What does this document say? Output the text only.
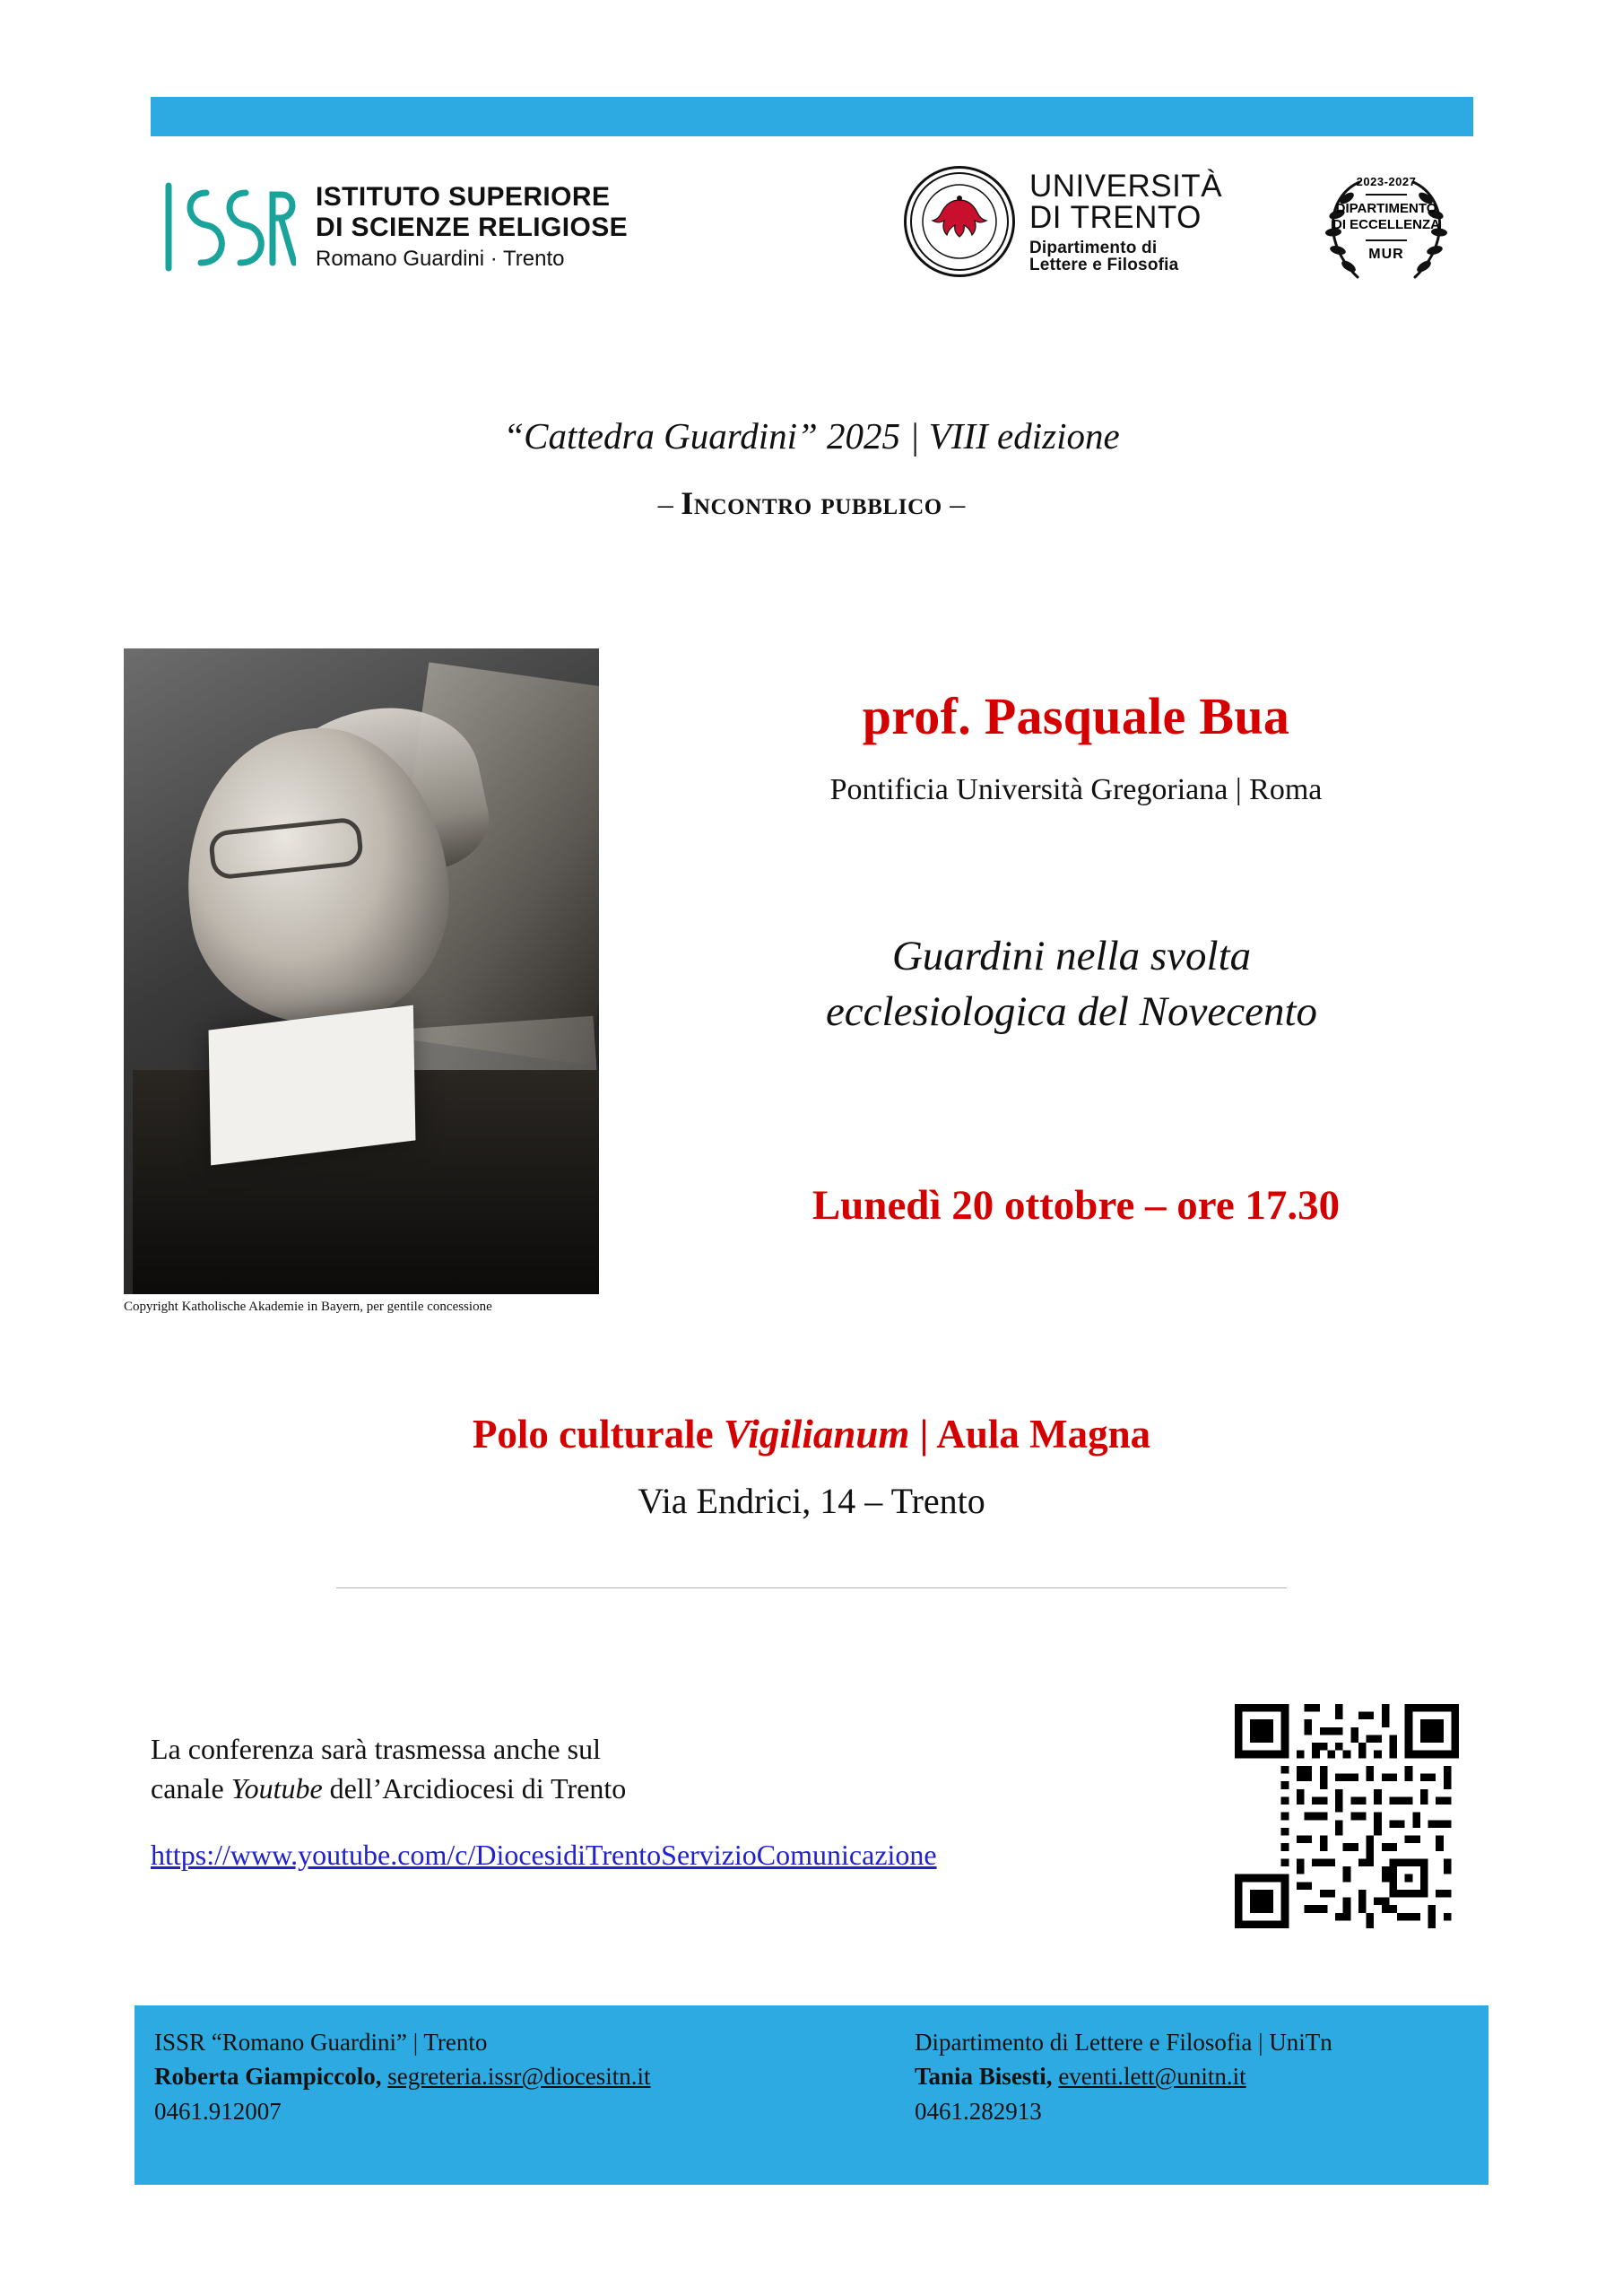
ISTITUTO SUPERIORE
DI SCIENZE RELIGIOSE
Romano Guardini · Trento
UNIVERSITÀ
DI TRENTO
Dipartimento di
Lettere e Filosofia
2023-2027
DIPARTIMENTO
DI ECCELLENZA
MUR
“Cattedra Guardini” 2025 | VIII edizione
– Incontro pubblico –
Copyright Katholische Akademie in Bayern, per gentile concessione
prof. Pasquale Bua
Pontificia Università Gregoriana | Roma
Guardini nella svolta
ecclesiologica del Novecento
Lunedì 20 ottobre – ore 17.30
Polo culturale Vigilianum | Aula Magna
Via Endrici, 14 – Trento
La conferenza sarà trasmessa anche sul
canale Youtube dell’Arcidiocesi di Trento
https://www.youtube.com/c/DiocesidiTrentoServizioComunicazione
ISSR “Romano Guardini” | Trento
Roberta Giampiccolo, segreteria.issr@diocesitn.it
0461.912007
Dipartimento di Lettere e Filosofia | UniTn
Tania Bisesti, eventi.lett@unitn.it
0461.282913
